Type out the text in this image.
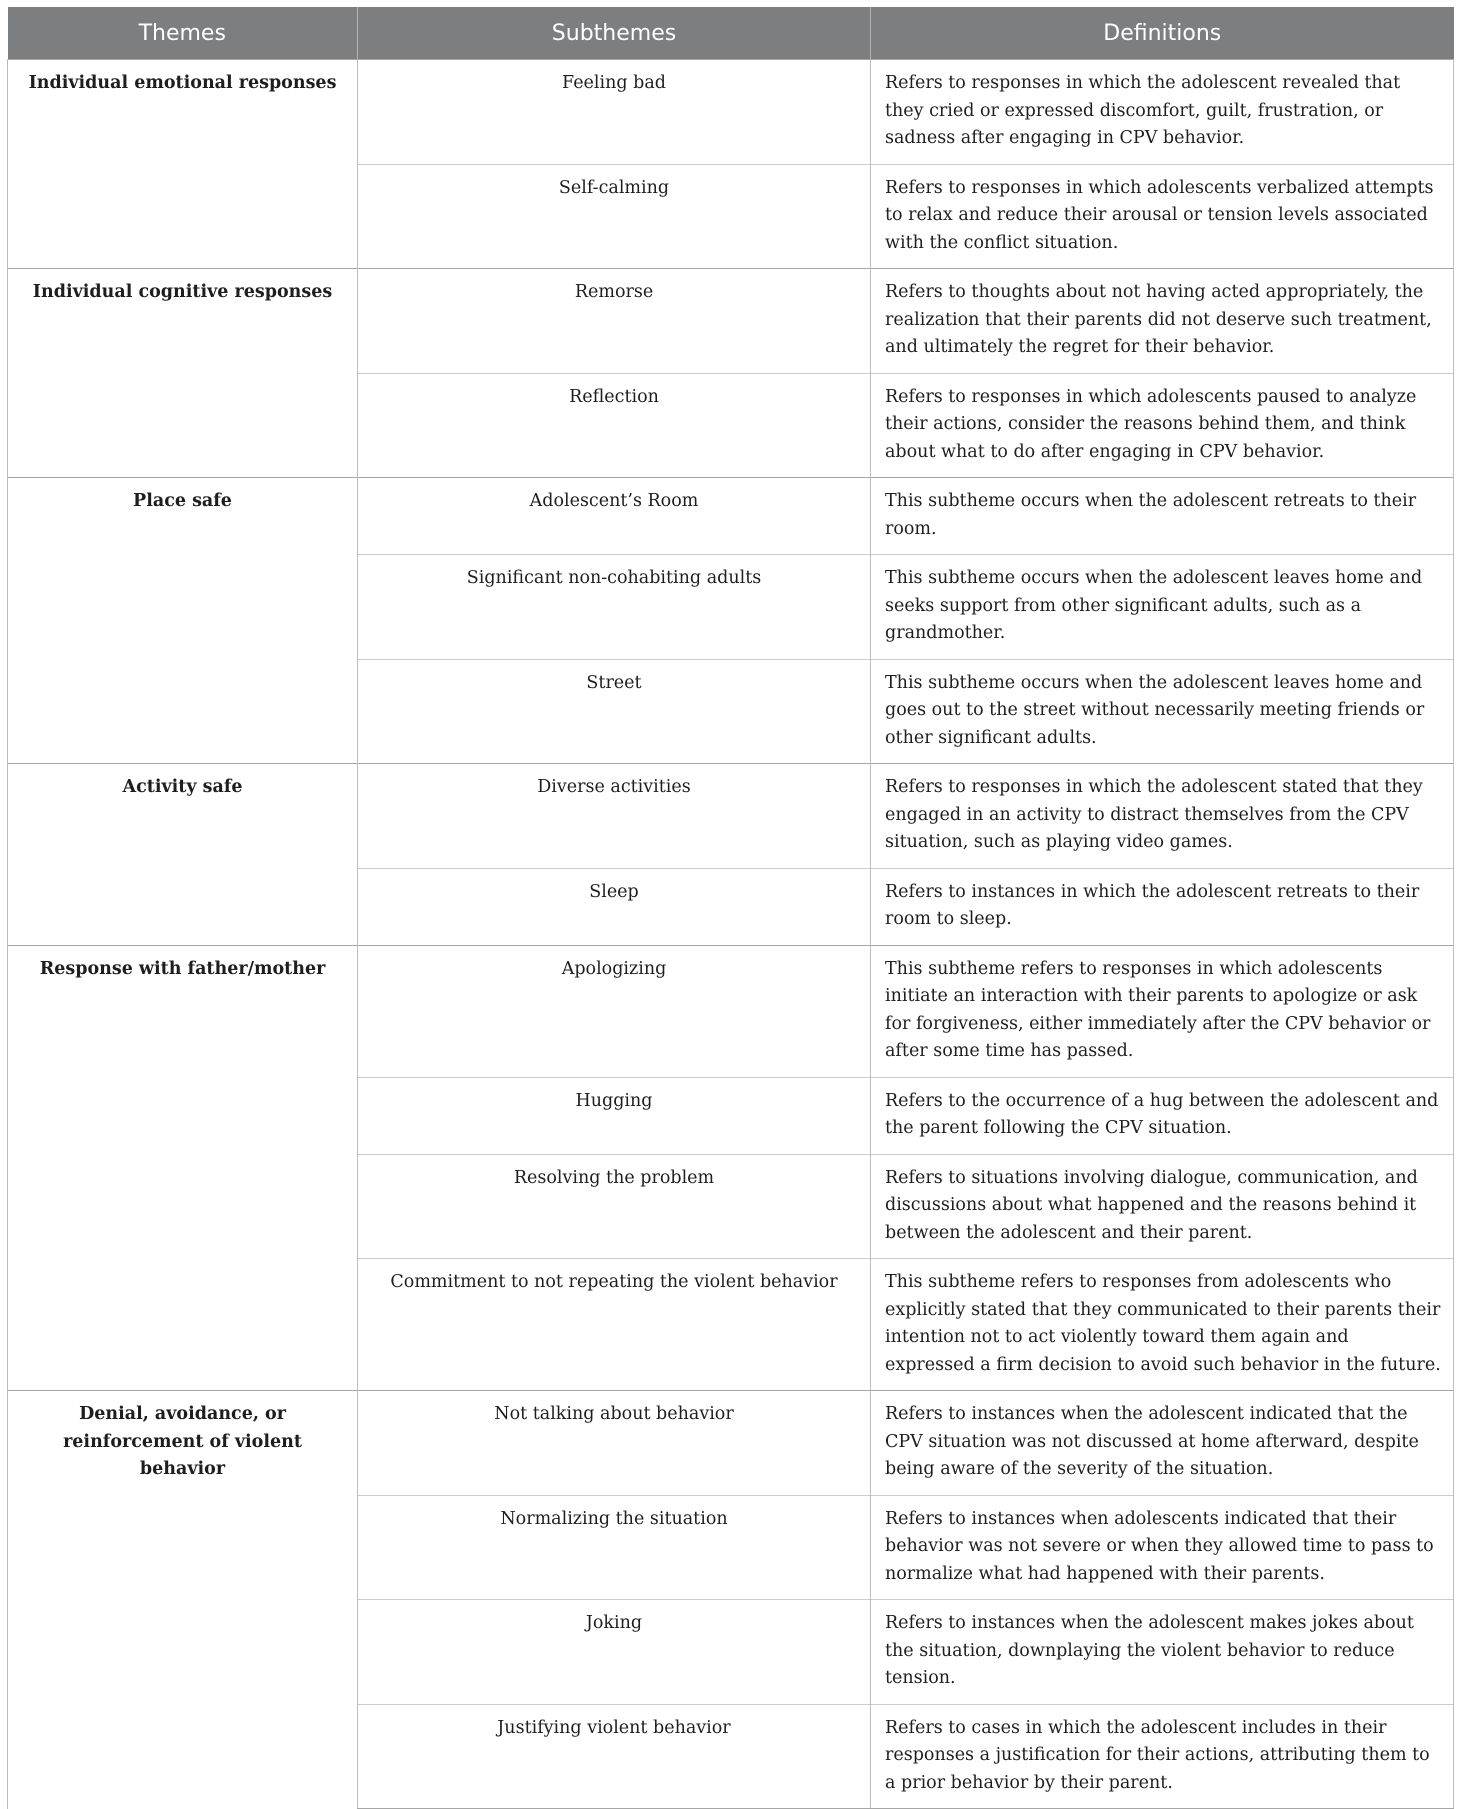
Themes	Subthemes	Definitions
Individual emotional responses	Feeling bad	Refers to responses in which the adolescent revealed that they cried or expressed discomfort, guilt, frustration, or sadness after engaging in CPV behavior.
	Self-calming	Refers to responses in which adolescents verbalized attempts to relax and reduce their arousal or tension levels associated with the conflict situation.
Individual cognitive responses	Remorse	Refers to thoughts about not having acted appropriately, the realization that their parents did not deserve such treatment, and ultimately the regret for their behavior.
	Reflection	Refers to responses in which adolescents paused to analyze their actions, consider the reasons behind them, and think about what to do after engaging in CPV behavior.
Place safe	Adolescent’s Room	This subtheme occurs when the adolescent retreats to their room.
	Significant non-cohabiting adults	This subtheme occurs when the adolescent leaves home and seeks support from other significant adults, such as a grandmother.
	Street	This subtheme occurs when the adolescent leaves home and goes out to the street without necessarily meeting friends or other significant adults.
Activity safe	Diverse activities	Refers to responses in which the adolescent stated that they engaged in an activity to distract themselves from the CPV situation, such as playing video games.
	Sleep	Refers to instances in which the adolescent retreats to their room to sleep.
Response with father/mother	Apologizing	This subtheme refers to responses in which adolescents initiate an interaction with their parents to apologize or ask for forgiveness, either immediately after the CPV behavior or after some time has passed.
	Hugging	Refers to the occurrence of a hug between the adolescent and the parent following the CPV situation.
	Resolving the problem	Refers to situations involving dialogue, communication, and discussions about what happened and the reasons behind it between the adolescent and their parent.
	Commitment to not repeating the violent behavior	This subtheme refers to responses from adolescents who explicitly stated that they communicated to their parents their intention not to act violently toward them again and expressed a firm decision to avoid such behavior in the future.
Denial, avoidance, or reinforcement of violent behavior	Not talking about behavior	Refers to instances when the adolescent indicated that the CPV situation was not discussed at home afterward, despite being aware of the severity of the situation.
	Normalizing the situation	Refers to instances when adolescents indicated that their behavior was not severe or when they allowed time to pass to normalize what had happened with their parents.
	Joking	Refers to instances when the adolescent makes jokes about the situation, downplaying the violent behavior to reduce tension.
	Justifying violent behavior	Refers to cases in which the adolescent includes in their responses a justification for their actions, attributing them to a prior behavior by their parent.
